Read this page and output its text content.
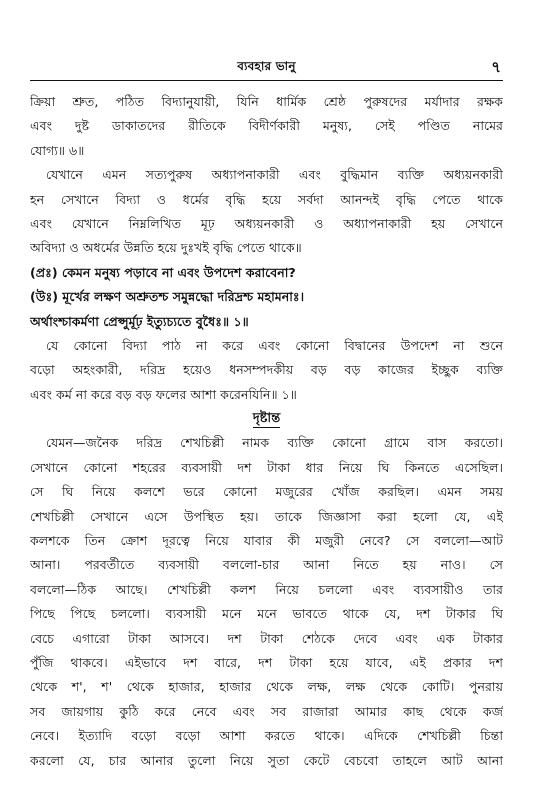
ব্যবহার ভানু	৭
ক্রিয়া শ্রুত, পঠিত বিদ্যানুযায়ী, যিনি ধার্মিক শ্রেষ্ঠ পুরুষদের মর্যাদার রক্ষক
এবং দুষ্ট ডাকাতদের রীতিকে বিদীর্ণকারী মনুষ্য, সেই পণ্ডিত নামের
যোগ্য॥ ৬॥
যেখানে এমন সত্যপুরুষ অধ্যাপনাকারী এবং বুদ্ধিমান ব্যক্তি অধ্যয়নকারী
হন সেখানে বিদ্যা ও ধর্মের বৃদ্ধি হয়ে সর্বদা আনন্দই বৃদ্ধি পেতে থাকে
এবং যেখানে নিম্নলিখিত মূঢ় অধ্যয়নকারী ও অধ্যাপনাকারী হয় সেখানে
অবিদ্যা ও অধর্মের উন্নতি হয়ে দুঃখই বৃদ্ধি পেতে থাকে॥
(প্রঃ) কেমন মনুষ্য পড়াবে না এবং উপদেশ করাবেনা?
(উঃ) মূর্খের লক্ষণ অশ্রুতশ্চ সমুন্নদ্ধো দরিদ্রশ্চ মহামনাঃ।
অর্থাংশ্চাকর্মণা প্রেপ্সুর্মূঢ় ইত্যুচ্যতে বুধৈঃ॥ ১॥
যে কোনো বিদ্যা পাঠ না করে এবং কোনো বিদ্বানের উপদেশ না শুনে
বড়ো অহংকারী, দরিদ্র হয়েও ধনসম্পদকীয় বড় বড় কাজের ইচ্ছুক ব্যক্তি
এবং কর্ম না করে বড় বড় ফলের আশা করেনযিনি॥ ১॥
দৃষ্টান্ত
যেমন—জনৈক দরিদ্র শেখচিল্লী নামক ব্যক্তি কোনো গ্রামে বাস করতো।
সেখানে কোনো শহরের ব্যবসায়ী দশ টাকা ধার নিয়ে ঘি কিনতে এসেছিল।
সে ঘি নিয়ে কলশে ভরে কোনো মজুরের খোঁজ করছিল। এমন সময়
শেখচিল্লী সেখানে এসে উপস্থিত হয়। তাকে জিজ্ঞাসা করা হলো যে, এই
কলশকে তিন ক্রোশ দূরত্বে নিয়ে যাবার কী মজুরী নেবে? সে বললো—আট
আনা। পরবর্তীতে ব্যবসায়ী বললো-চার আনা নিতে হয় নাও। সে
বললো—ঠিক আছে। শেখচিল্লী কলশ নিয়ে চললো এবং ব্যবসায়ীও তার
পিছে পিছে চললো। ব্যবসায়ী মনে মনে ভাবতে থাকে যে, দশ টাকার ঘি
বেচে এগারো টাকা আসবে। দশ টাকা শেঠকে দেবে এবং এক টাকার
পুঁজি থাকবে। এইভাবে দশ বারে, দশ টাকা হয়ে যাবে, এই প্রকার দশ
থেকে শ', শ' থেকে হাজার, হাজার থেকে লক্ষ, লক্ষ থেকে কোটি। পুনরায়
সব জায়গায় কুঠি করে নেবে এবং সব রাজারা আমার কাছ থেকে কর্জ
নেবে। ইত্যাদি বড়ো বড়ো আশা করতে থাকে। এদিকে শেখচিল্লী চিন্তা
করলো যে, চার আনার তুলো নিয়ে সুতা কেটে বেচবো তাহলে আট আনা
